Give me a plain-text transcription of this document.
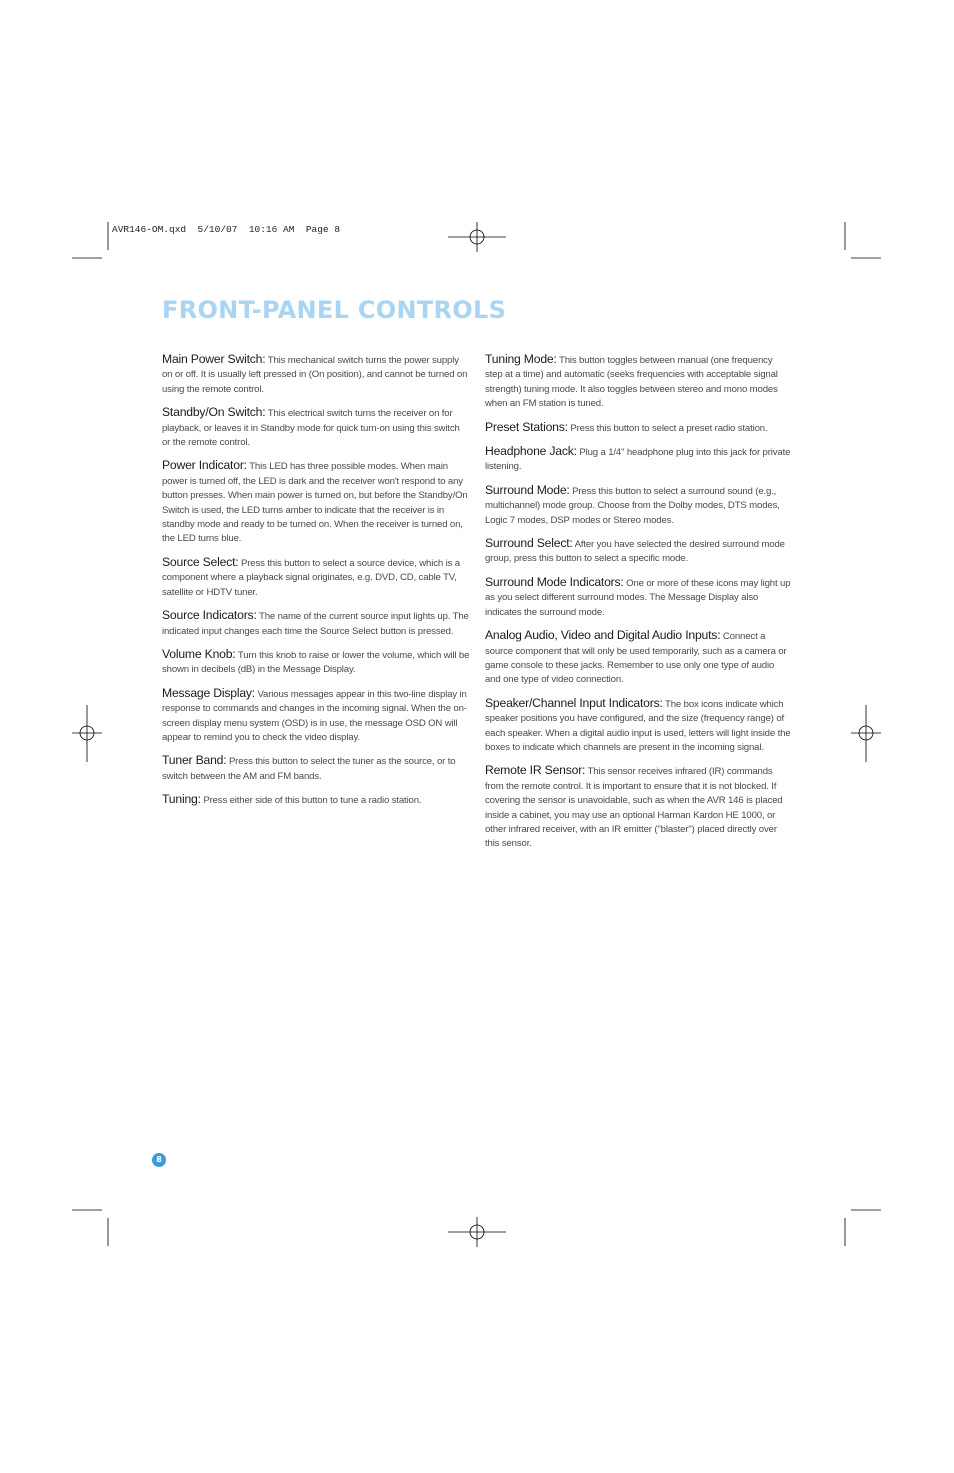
AVR146-OM.qxd  5/10/07  10:16 AM  Page 8
FRONT-PANEL CONTROLS

Main Power Switch: This mechanical switch turns the power supply on or off. It is usually left pressed in (On position), and cannot be turned on using the remote control.

Standby/On Switch: This electrical switch turns the receiver on for playback, or leaves it in Standby mode for quick turn-on using this switch or the remote control.

Power Indicator: This LED has three possible modes. When main power is turned off, the LED is dark and the receiver won't respond to any button presses. When main power is turned on, but before the Standby/On Switch is used, the LED turns amber to indicate that the receiver is in standby mode and ready to be turned on. When the receiver is turned on, the LED turns blue.

Source Select: Press this button to select a source device, which is a component where a playback signal originates, e.g. DVD, CD, cable TV, satellite or HDTV tuner.

Source Indicators: The name of the current source input lights up. The indicated input changes each time the Source Select button is pressed.

Volume Knob: Turn this knob to raise or lower the volume, which will be shown in decibels (dB) in the Message Display.

Message Display: Various messages appear in this two-line display in response to commands and changes in the incoming signal. When the on-screen display menu system (OSD) is in use, the message OSD ON will appear to remind you to check the video display.

Tuner Band: Press this button to select the tuner as the source, or to switch between the AM and FM bands.

Tuning: Press either side of this button to tune a radio station.

Tuning Mode: This button toggles between manual (one frequency step at a time) and automatic (seeks frequencies with acceptable signal strength) tuning mode. It also toggles between stereo and mono modes when an FM station is tuned.

Preset Stations: Press this button to select a preset radio station.

Headphone Jack: Plug a 1/4" headphone plug into this jack for private listening.

Surround Mode: Press this button to select a surround sound (e.g., multichannel) mode group. Choose from the Dolby modes, DTS modes, Logic 7 modes, DSP modes or Stereo modes.

Surround Select: After you have selected the desired surround mode group, press this button to select a specific mode.

Surround Mode Indicators: One or more of these icons may light up as you select different surround modes. The Message Display also indicates the surround mode.

Analog Audio, Video and Digital Audio Inputs: Connect a source component that will only be used temporarily, such as a camera or game console to these jacks. Remember to use only one type of audio and one type of video connection.

Speaker/Channel Input Indicators: The box icons indicate which speaker positions you have configured, and the size (frequency range) of each speaker. When a digital audio input is used, letters will light inside the boxes to indicate which channels are present in the incoming signal.

Remote IR Sensor: This sensor receives infrared (IR) commands from the remote control. It is important to ensure that it is not blocked. If covering the sensor is unavoidable, such as when the AVR 146 is placed inside a cabinet, you may use an optional Harman Kardon HE 1000, or other infrared receiver, with an IR emitter ("blaster") placed directly over this sensor.

8
